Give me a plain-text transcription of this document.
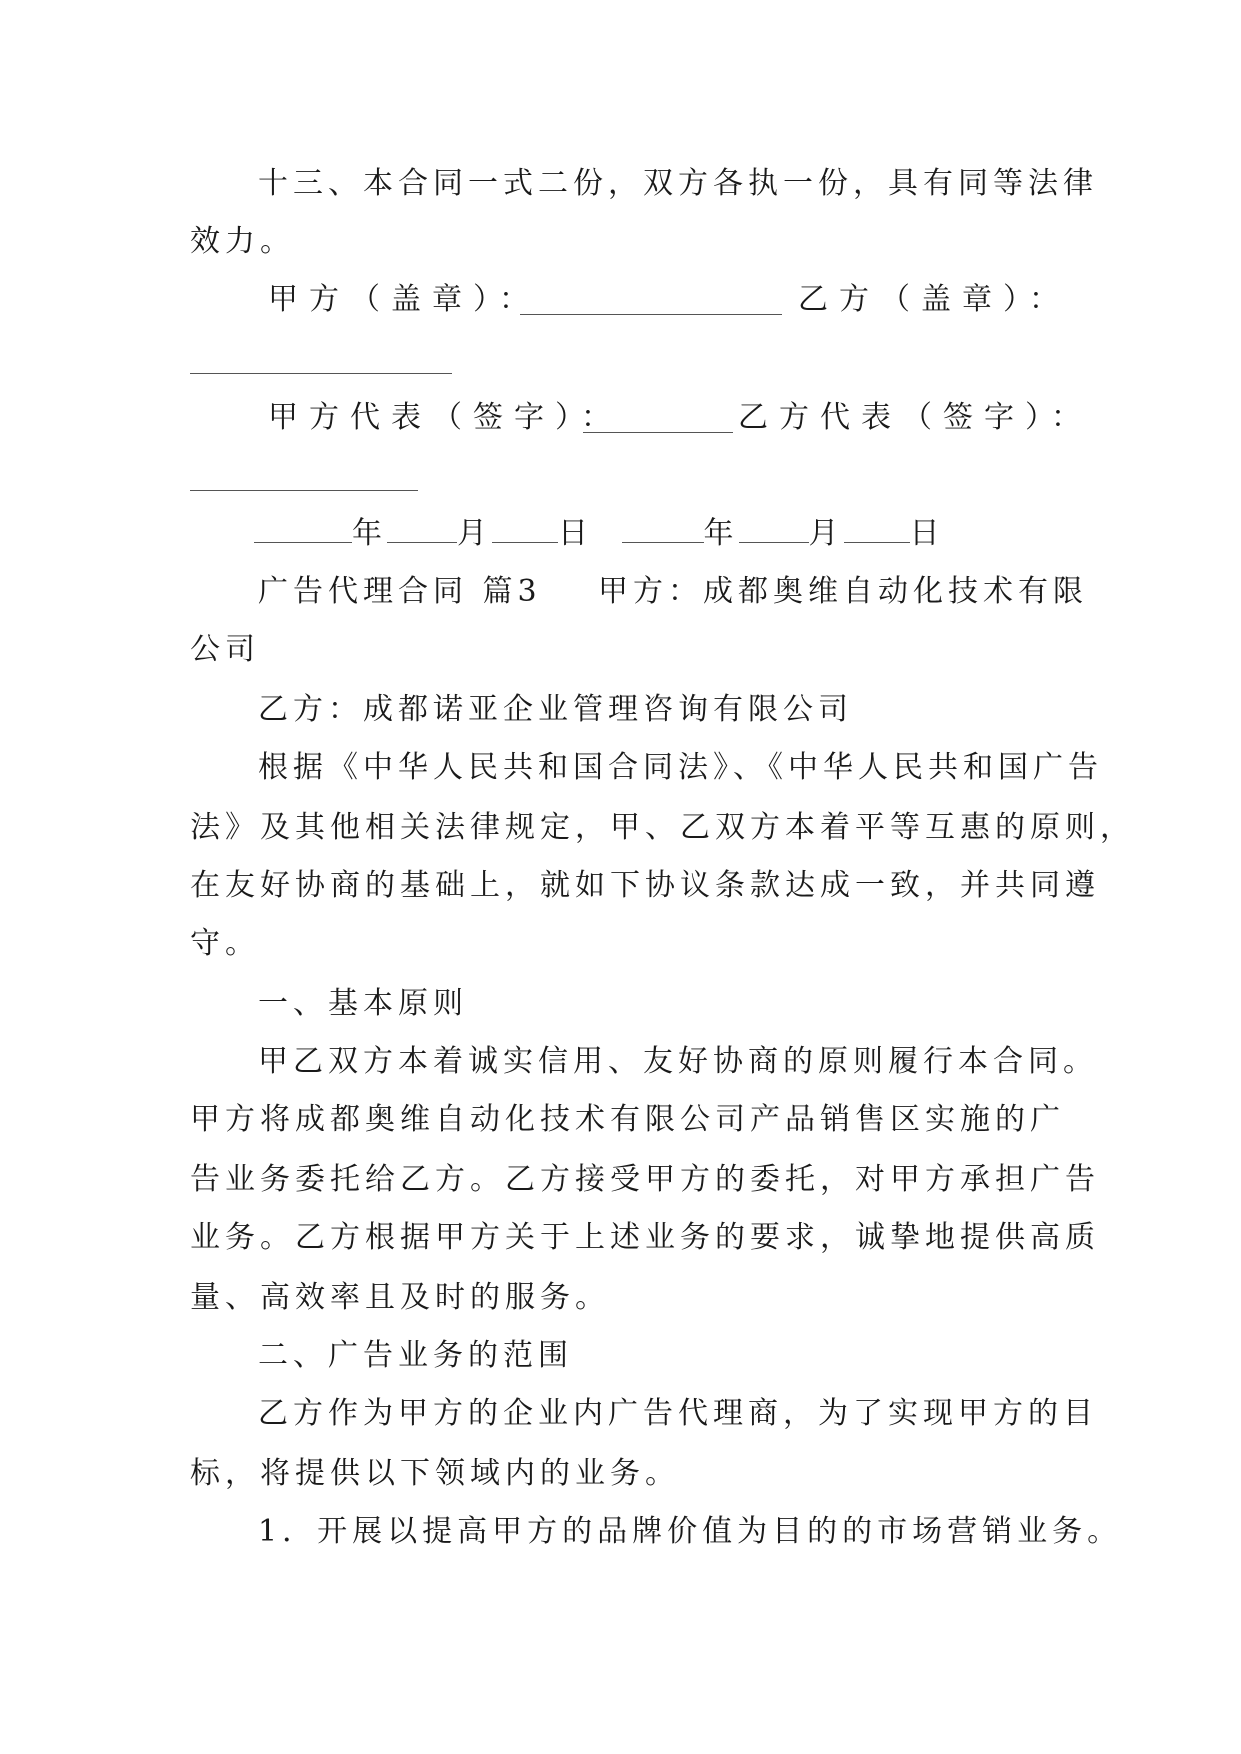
十三、本合同一式二份，双方各执一份，具有同等法律
效力。
甲方（盖章）：	乙方（盖章）：
甲方代表（签字）：	乙方代表（签字）：
年 月 日	年 月 日
广告代理合同 篇3 甲方：成都奥维自动化技术有限
公司
乙方：成都诺亚企业管理咨询有限公司
根据《中华人民共和国合同法》、《中华人民共和国广告
法》及其他相关法律规定，甲、乙双方本着平等互惠的原则，
在友好协商的基础上，就如下协议条款达成一致，并共同遵
守。
一、基本原则
甲乙双方本着诚实信用、友好协商的原则履行本合同。
甲方将成都奥维自动化技术有限公司产品销售区实施的广
告业务委托给乙方。乙方接受甲方的委托，对甲方承担广告
业务。乙方根据甲方关于上述业务的要求，诚挚地提供高质
量、高效率且及时的服务。
二、广告业务的范围
乙方作为甲方的企业内广告代理商，为了实现甲方的目
标，将提供以下领域内的业务。
1．开展以提高甲方的品牌价值为目的的市场营销业务。
